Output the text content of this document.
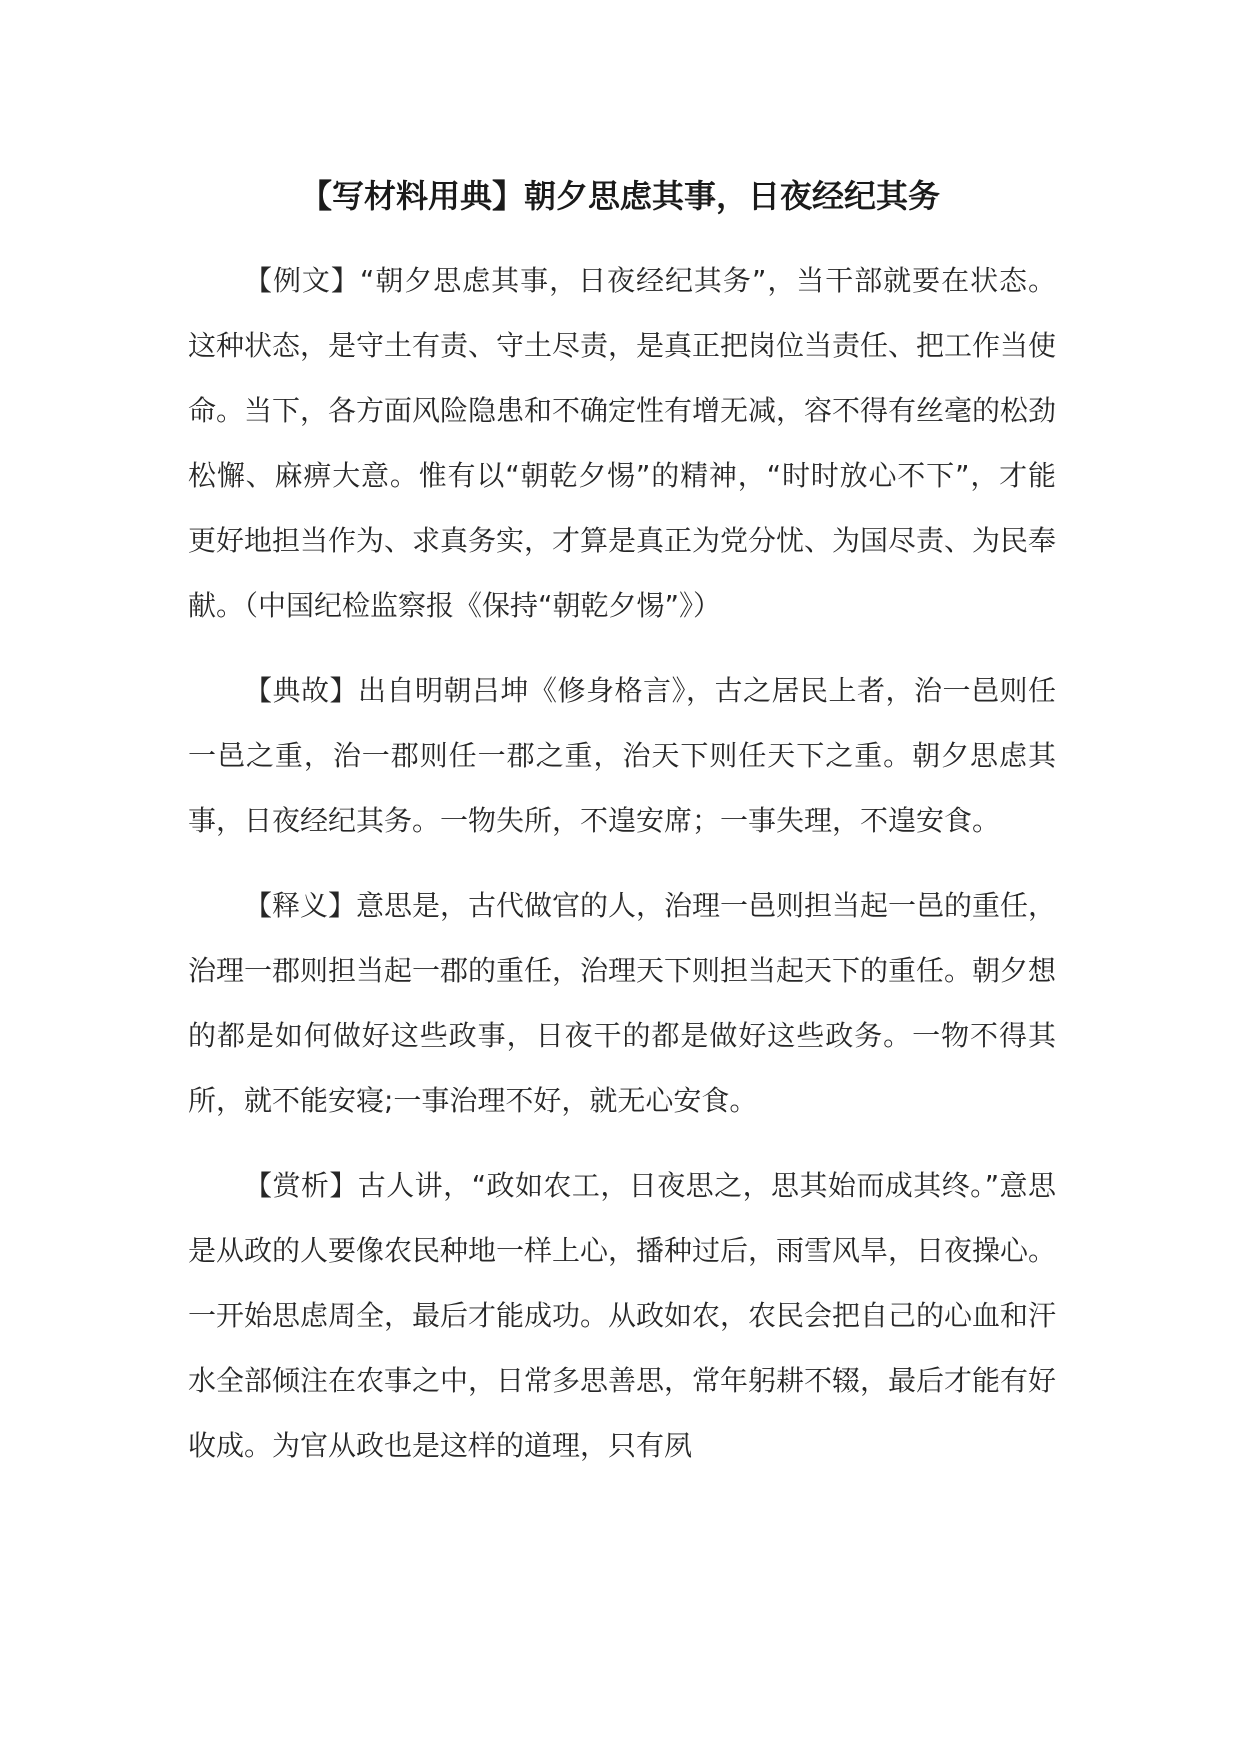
【写材料用典】朝夕思虑其事，日夜经纪其务

【例文】“朝夕思虑其事，日夜经纪其务”，当干部就要在状态。这种状态，是守土有责、守土尽责，是真正把岗位当责任、把工作当使命。当下，各方面风险隐患和不确定性有增无减，容不得有丝毫的松劲松懈、麻痹大意。惟有以“朝乾夕惕”的精神，“时时放心不下”，才能更好地担当作为、求真务实，才算是真正为党分忧、为国尽责、为民奉献。（中国纪检监察报《保持“朝乾夕惕”》）

【典故】出自明朝吕坤《修身格言》，古之居民上者，治一邑则任一邑之重，治一郡则任一郡之重，治天下则任天下之重。朝夕思虑其事，日夜经纪其务。一物失所，不遑安席；一事失理，不遑安食。

【释义】意思是，古代做官的人，治理一邑则担当起一邑的重任，治理一郡则担当起一郡的重任，治理天下则担当起天下的重任。朝夕想的都是如何做好这些政事，日夜干的都是做好这些政务。一物不得其所，就不能安寝;一事治理不好，就无心安食。

【赏析】古人讲，“政如农工，日夜思之，思其始而成其终。”意思是从政的人要像农民种地一样上心，播种过后，雨雪风旱，日夜操心。一开始思虑周全，最后才能成功。从政如农，农民会把自己的心血和汗水全部倾注在农事之中，日常多思善思，常年躬耕不辍，最后才能有好收成。为官从政也是这样的道理，只有夙
